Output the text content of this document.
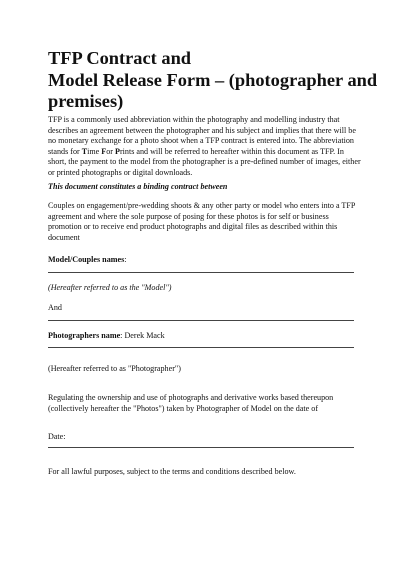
TFP Contract and
Model Release Form – (photographer and
premises)

TFP is a commonly used abbreviation within the photography and modelling industry that describes an agreement between the photographer and his subject and implies that there will be no monetary exchange for a photo shoot when a TFP contract is entered into. The abbreviation stands for Time For Prints and will be referred to hereafter within this document as TFP. In short, the payment to the model from the photographer is a pre-defined number of images, either or printed photographs or digital downloads.

This document constitutes a binding contract between

Couples on engagement/pre-wedding shoots & any other party or model who enters into a TFP agreement and where the sole purpose of posing for these photos is for self or business promotion or to receive end product photographs and digital files as described within this document

Model/Couples names:

(Hereafter referred to as the "Model")

And

Photographers name: Derek Mack

(Hereafter referred to as "Photographer")

Regulating the ownership and use of photographs and derivative works based thereupon (collectively hereafter the "Photos") taken by Photographer of Model on the date of

Date:

For all lawful purposes, subject to the terms and conditions described below.
